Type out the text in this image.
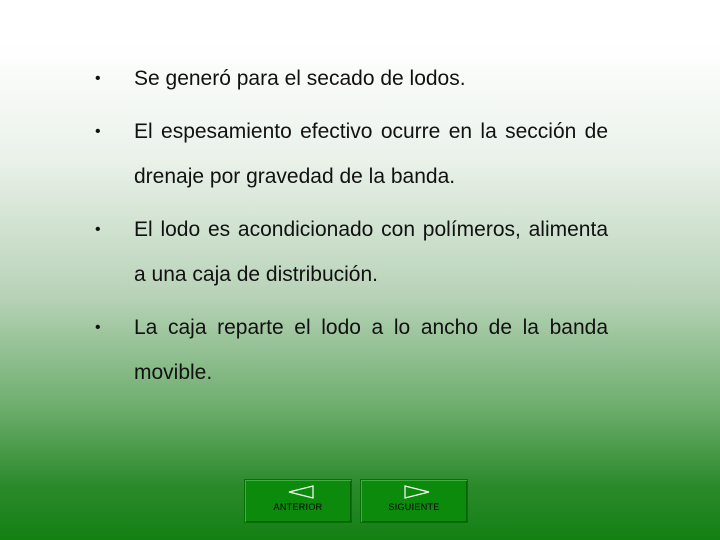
• Se generó para el secado de lodos.
• El espesamiento efectivo ocurre en la sección de drenaje por gravedad de la banda.
• El lodo es acondicionado con polímeros, alimenta a una caja de distribución.
• La caja reparte el lodo a lo ancho de la banda movible.
ANTERIOR	SIGUIENTE
